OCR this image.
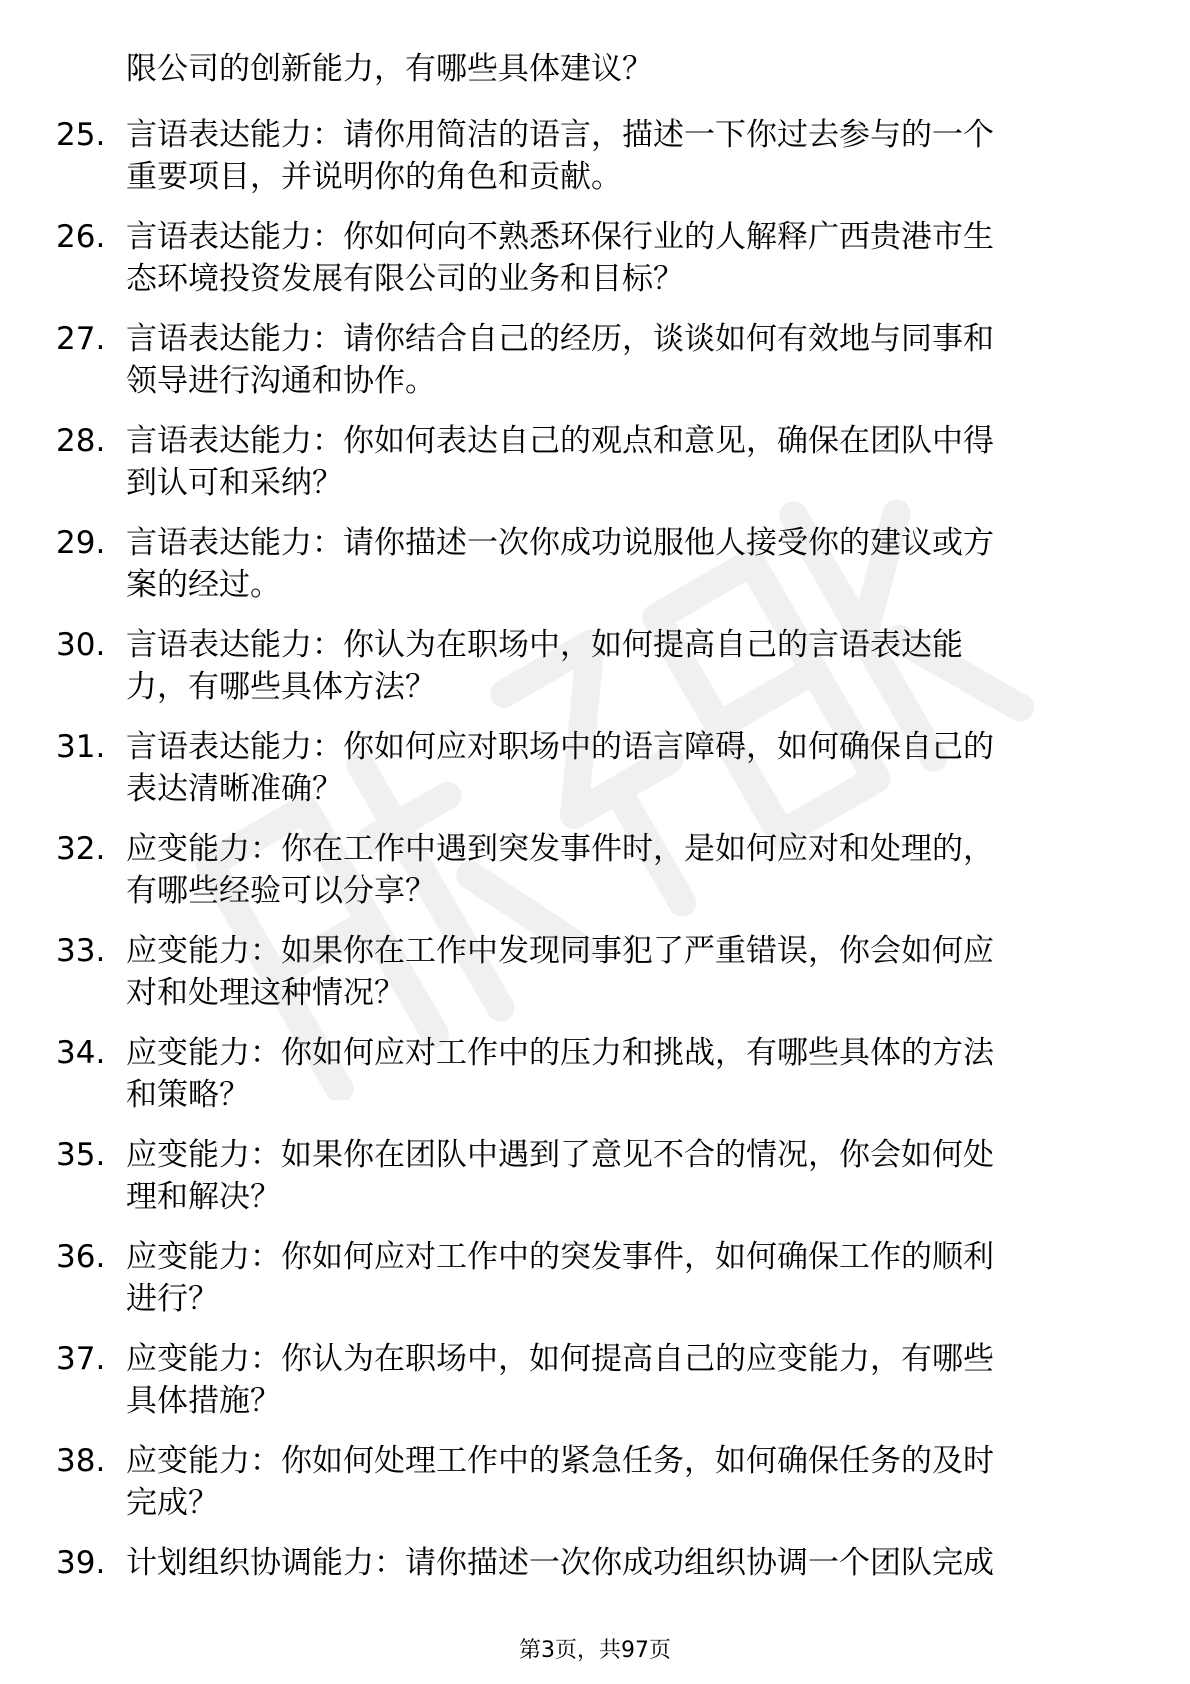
限公司的创新能力，有哪些具体建议？
25. 言语表达能力：请你用简洁的语言，描述一下你过去参与的一个
重要项目，并说明你的角色和贡献。
26. 言语表达能力：你如何向不熟悉环保行业的人解释广西贵港市生
态环境投资发展有限公司的业务和目标？
27. 言语表达能力：请你结合自己的经历，谈谈如何有效地与同事和
领导进行沟通和协作。
28. 言语表达能力：你如何表达自己的观点和意见，确保在团队中得
到认可和采纳？
29. 言语表达能力：请你描述一次你成功说服他人接受你的建议或方
案的经过。
30. 言语表达能力：你认为在职场中，如何提高自己的言语表达能
力，有哪些具体方法？
31. 言语表达能力：你如何应对职场中的语言障碍，如何确保自己的
表达清晰准确？
32. 应变能力：你在工作中遇到突发事件时，是如何应对和处理的，
有哪些经验可以分享？
33. 应变能力：如果你在工作中发现同事犯了严重错误，你会如何应
对和处理这种情况？
34. 应变能力：你如何应对工作中的压力和挑战，有哪些具体的方法
和策略？
35. 应变能力：如果你在团队中遇到了意见不合的情况，你会如何处
理和解决？
36. 应变能力：你如何应对工作中的突发事件，如何确保工作的顺利
进行？
37. 应变能力：你认为在职场中，如何提高自己的应变能力，有哪些
具体措施？
38. 应变能力：你如何处理工作中的紧急任务，如何确保任务的及时
完成？
39. 计划组织协调能力：请你描述一次你成功组织协调一个团队完成
第3页，共97页
